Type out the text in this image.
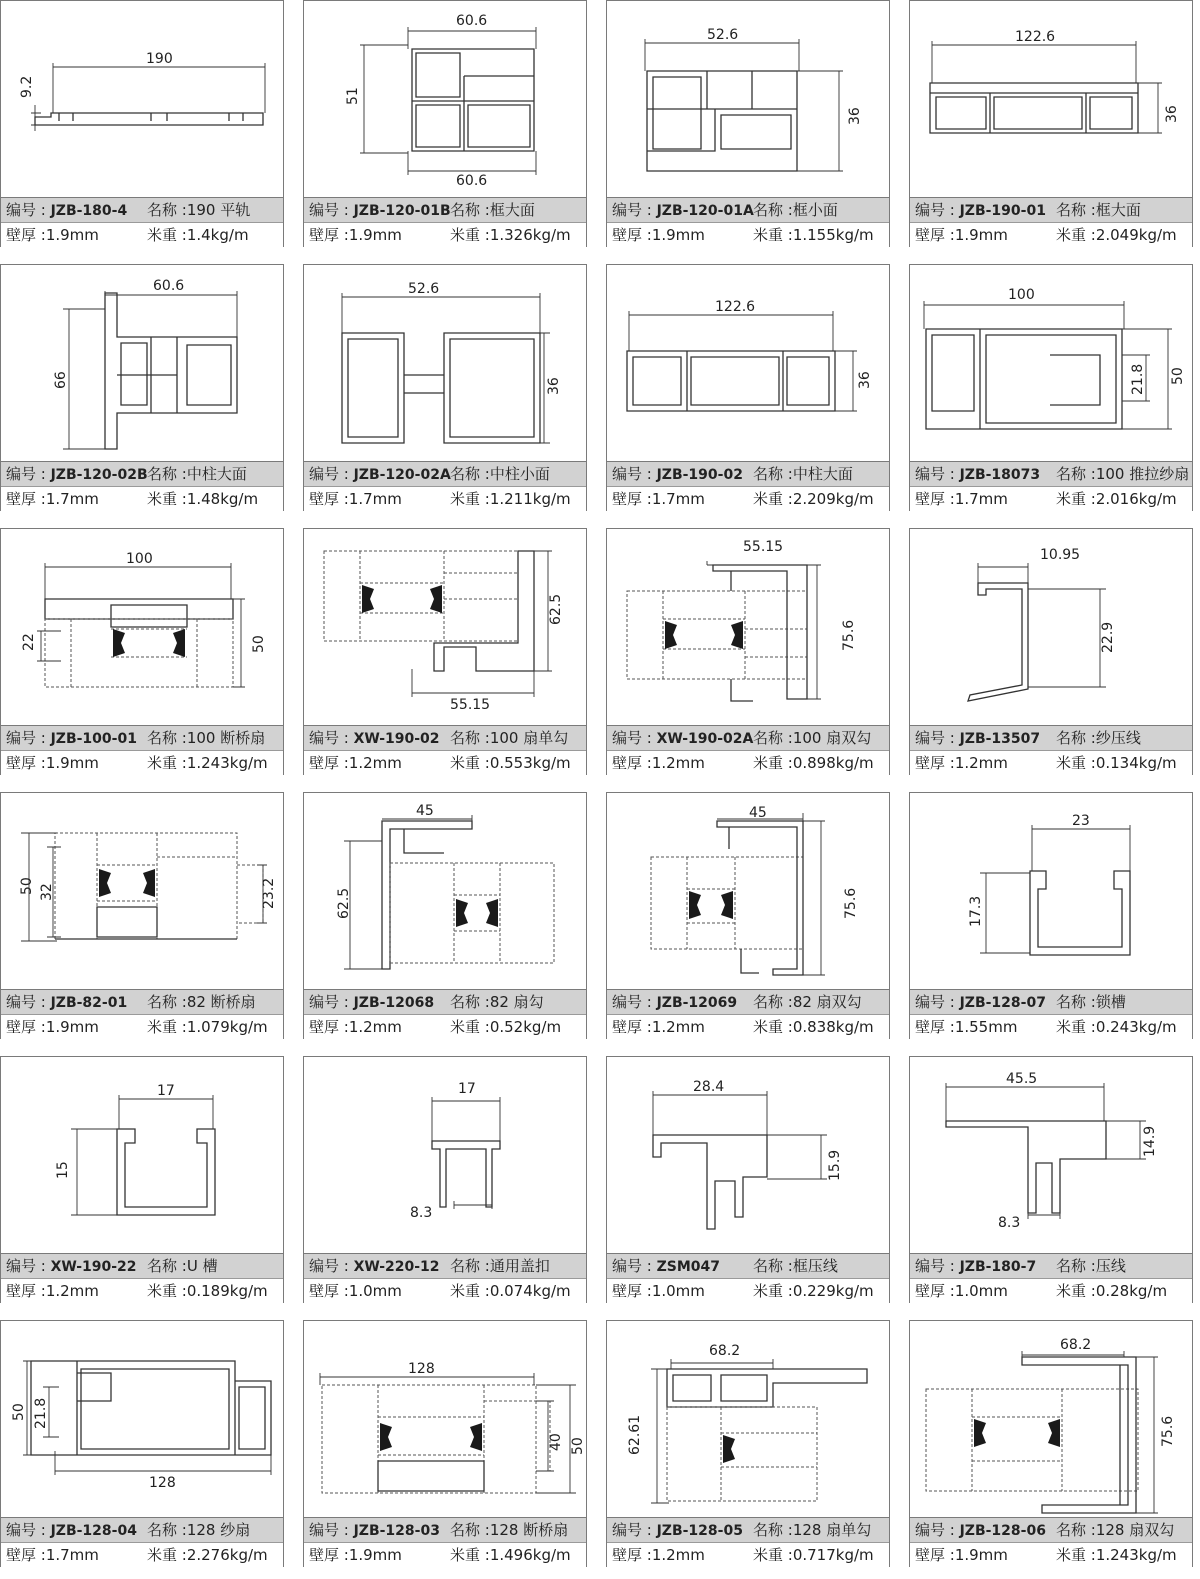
190
9.2
编号 : JZB-180-4 名称 :190 平轨
壁厚 :1.9mm	米重 :1.4kg/m
60.6
51
60.6
编号 : JZB-120-01B 名称 :框大面
壁厚 :1.9mm	米重 :1.326kg/m
52.6
36
编号 : JZB-120-01A 名称 :框小面
壁厚 :1.9mm	米重 :1.155kg/m
122.6
36
编号 : JZB-190-01 名称 :框大面
壁厚 :1.9mm	米重 :2.049kg/m
60.6
66
编号 : JZB-120-02B 名称 :中柱大面
壁厚 :1.7mm	米重 :1.48kg/m
52.6
36
编号 : JZB-120-02A 名称 :中柱小面
壁厚 :1.7mm	米重 :1.211kg/m
122.6
36
编号 : JZB-190-02 名称 :中柱大面
壁厚 :1.7mm	米重 :2.209kg/m
100
21.8 50
编号 : JZB-18073 名称 :100 推拉纱扇
壁厚 :1.7mm	米重 :2.016kg/m
100
22	50
编号 : JZB-100-01 名称 :100 断桥扇
壁厚 :1.9mm	米重 :1.243kg/m
62.5
55.15
编号 : XW-190-02 名称 :100 扇单勾
壁厚 :1.2mm	米重 :0.553kg/m
55.15
75.6
编号 : XW-190-02A 名称 :100 扇双勾
壁厚 :1.2mm	米重 :0.898kg/m
10.95
22.9
编号 : JZB-13507 名称 :纱压线
壁厚 :1.2mm	米重 :0.134kg/m
50 32	23.2
编号 : JZB-82-01 名称 :82 断桥扇
壁厚 :1.9mm	米重 :1.079kg/m
45
62.5
编号 : JZB-12068 名称 :82 扇勾
壁厚 :1.2mm	米重 :0.52kg/m
45
75.6
编号 : JZB-12069 名称 :82 扇双勾
壁厚 :1.2mm	米重 :0.838kg/m
23
17.3
编号 : JZB-128-07 名称 :锁槽
壁厚 :1.55mm	米重 :0.243kg/m
17
15
编号 : XW-190-22 名称 :U 槽
壁厚 :1.2mm	米重 :0.189kg/m
17
8.3
编号 : XW-220-12 名称 :通用盖扣
壁厚 :1.0mm	米重 :0.074kg/m
28.4
15.9
编号 : ZSM047 名称 :框压线
壁厚 :1.0mm	米重 :0.229kg/m
45.5
14.9
8.3
编号 : JZB-180-7 名称 :压线
壁厚 :1.0mm	米重 :0.28kg/m
50 21.8
128
编号 : JZB-128-04 名称 :128 纱扇
壁厚 :1.7mm	米重 :2.276kg/m
128
40 50
编号 : JZB-128-03 名称 :128 断桥扇
壁厚 :1.9mm	米重 :1.496kg/m
68.2
62.61
编号 : JZB-128-05 名称 :128 扇单勾
壁厚 :1.2mm	米重 :0.717kg/m
68.2
75.6
编号 : JZB-128-06 名称 :128 扇双勾
壁厚 :1.9mm	米重 :1.243kg/m
